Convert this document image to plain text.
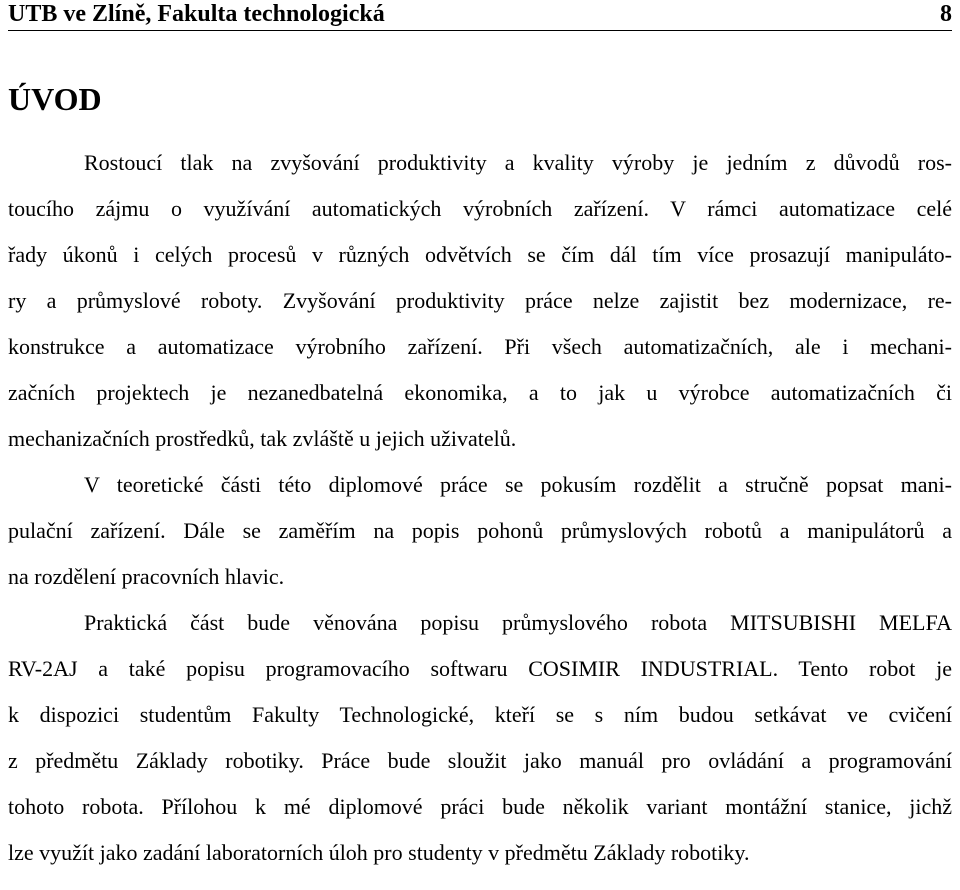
UTB ve Zlíně, Fakulta technologická	8
ÚVOD

Rostoucí tlak na zvyšování produktivity a kvality výroby je jedním z důvodů ros-
toucího zájmu o využívání automatických výrobních zařízení. V rámci automatizace celé
řady úkonů i celých procesů v různých odvětvích se čím dál tím více prosazují manipuláto-
ry a průmyslové roboty. Zvyšování produktivity práce nelze zajistit bez modernizace, re-
konstrukce a automatizace výrobního zařízení. Při všech automatizačních, ale i mechani-
začních projektech je nezanedbatelná ekonomika, a to jak u výrobce automatizačních či
mechanizačních prostředků, tak zvláště u jejich uživatelů.

V teoretické části této diplomové práce se pokusím rozdělit a stručně popsat mani-
pulační zařízení. Dále se zaměřím na popis pohonů průmyslových robotů a manipulátorů a
na rozdělení pracovních hlavic.

Praktická část bude věnována popisu průmyslového robota MITSUBISHI MELFA
RV-2AJ a také popisu programovacího softwaru COSIMIR INDUSTRIAL. Tento robot je
k dispozici studentům Fakulty Technologické, kteří se s ním budou setkávat ve cvičení
z předmětu Základy robotiky. Práce bude sloužit jako manuál pro ovládání a programování
tohoto robota. Přílohou k mé diplomové práci bude několik variant montážní stanice, jichž
lze využít jako zadání laboratorních úloh pro studenty v předmětu Základy robotiky.
